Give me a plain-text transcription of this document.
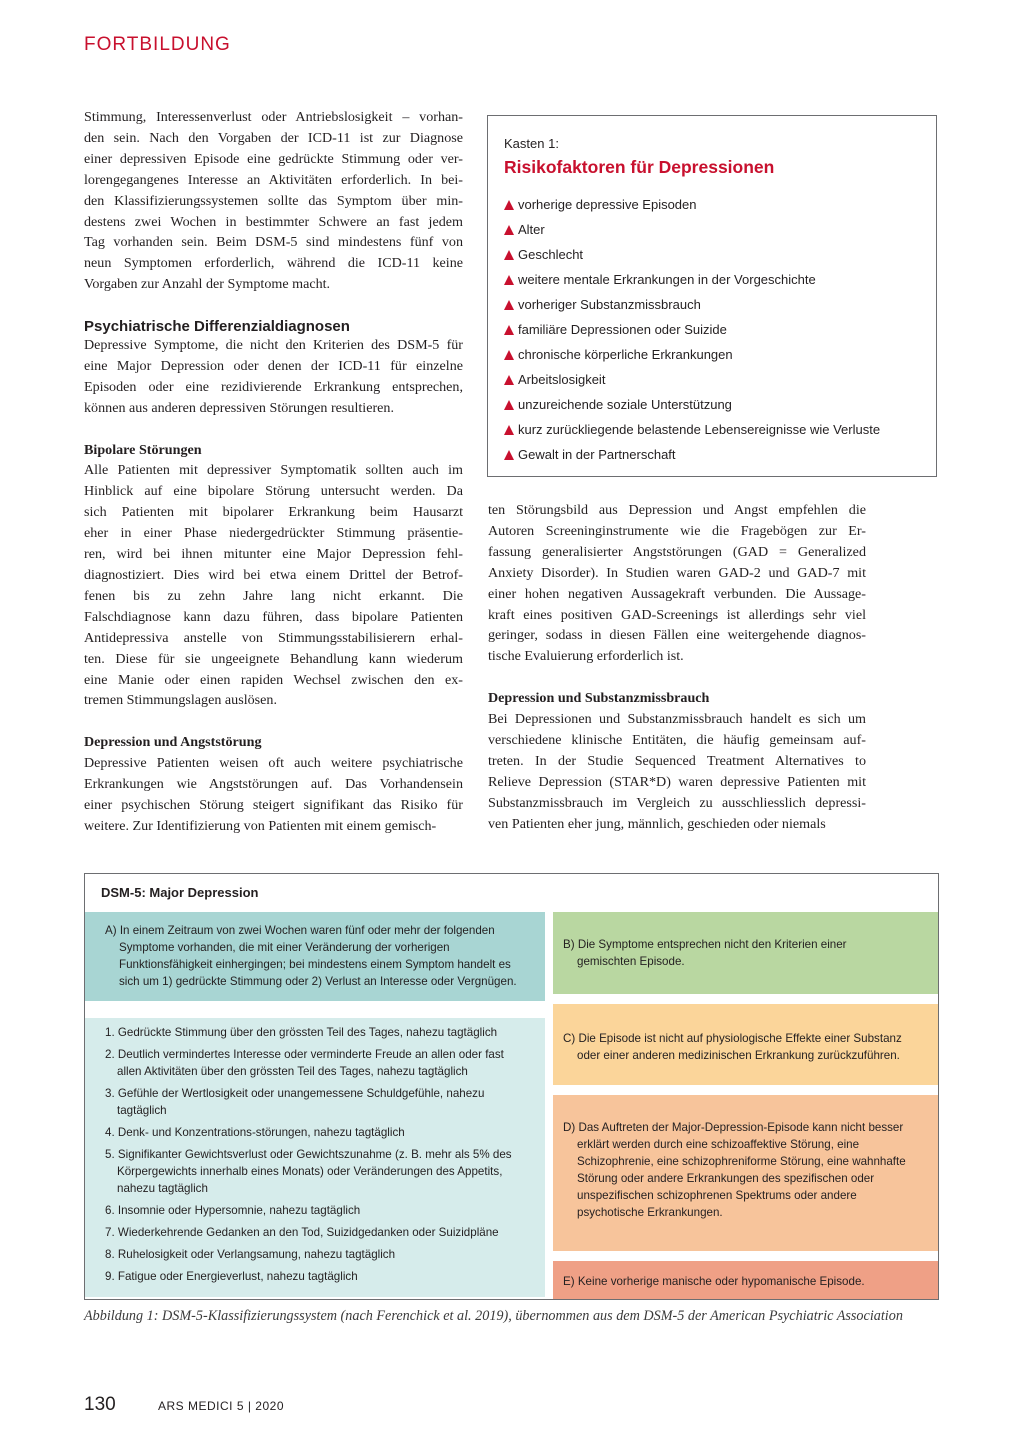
FORTBILDUNG
Stimmung, Interessenverlust oder Antriebslosigkeit – vorhan-
den sein. Nach den Vorgaben der ICD-11 ist zur Diagnose
einer depressiven Episode eine gedrückte Stimmung oder ver-
lorengegangenes Interesse an Aktivitäten erforderlich. In bei-
den Klassifizierungssystemen sollte das Symptom über min-
destens zwei Wochen in bestimmter Schwere an fast jedem
Tag vorhanden sein. Beim DSM-5 sind mindestens fünf von
neun Symptomen erforderlich, während die ICD-11 keine
Vorgaben zur Anzahl der Symptome macht.
Psychiatrische Differenzialdiagnosen
Depressive Symptome, die nicht den Kriterien des DSM-5 für
eine Major Depression oder denen der ICD-11 für einzelne
Episoden oder eine rezidivierende Erkrankung entsprechen,
können aus anderen depressiven Störungen resultieren.
Bipolare Störungen
Alle Patienten mit depressiver Symptomatik sollten auch im
Hinblick auf eine bipolare Störung untersucht werden. Da
sich Patienten mit bipolarer Erkrankung beim Hausarzt
eher in einer Phase niedergedrückter Stimmung präsentie-
ren, wird bei ihnen mitunter eine Major Depression fehl-
diagnostiziert. Dies wird bei etwa einem Drittel der Betrof-
fenen bis zu zehn Jahre lang nicht erkannt. Die
Falschdiagnose kann dazu führen, dass bipolare Patienten
Antidepressiva anstelle von Stimmungsstabilisierern erhal-
ten. Diese für sie ungeeignete Behandlung kann wiederum
eine Manie oder einen rapiden Wechsel zwischen den ex-
tremen Stimmungslagen auslösen.
Depression und Angststörung
Depressive Patienten weisen oft auch weitere psychiatrische
Erkrankungen wie Angststörungen auf. Das Vorhandensein
einer psychischen Störung steigert signifikant das Risiko für
weitere. Zur Identifizierung von Patienten mit einem gemisch-
Kasten 1:
Risikofaktoren für Depressionen
vorherige depressive Episoden
Alter
Geschlecht
weitere mentale Erkrankungen in der Vorgeschichte
vorheriger Substanzmissbrauch
familiäre Depressionen oder Suizide
chronische körperliche Erkrankungen
Arbeitslosigkeit
unzureichende soziale Unterstützung
kurz zurückliegende belastende Lebensereignisse wie Verluste
Gewalt in der Partnerschaft
ten Störungsbild aus Depression und Angst empfehlen die
Autoren Screeninginstrumente wie die Fragebögen zur Er-
fassung generalisierter Angststörungen (GAD = Generalized
Anxiety Disorder). In Studien waren GAD-2 und GAD-7 mit
einer hohen negativen Aussagekraft verbunden. Die Aussage-
kraft eines positiven GAD-Screenings ist allerdings sehr viel
geringer, sodass in diesen Fällen eine weitergehende diagnos-
tische Evaluierung erforderlich ist.
Depression und Substanzmissbrauch
Bei Depressionen und Substanzmissbrauch handelt es sich um
verschiedene klinische Entitäten, die häufig gemeinsam auf-
treten. In der Studie Sequenced Treatment Alternatives to
Relieve Depression (STAR*D) waren depressive Patienten mit
Substanzmissbrauch im Vergleich zu ausschliesslich depressi-
ven Patienten eher jung, männlich, geschieden oder niemals
DSM-5: Major Depression
A) In einem Zeitraum von zwei Wochen waren fünf oder mehr der folgenden Symptome vorhanden, die mit einer Veränderung der vorherigen Funktionsfähigkeit einhergingen; bei mindestens einem Symptom handelt es sich um 1) gedrückte Stimmung oder 2) Verlust an Interesse oder Vergnügen.
1. Gedrückte Stimmung über den grössten Teil des Tages, nahezu tagtäglich
2. Deutlich vermindertes Interesse oder verminderte Freude an allen oder fast allen Aktivitäten über den grössten Teil des Tages, nahezu tagtäglich
3. Gefühle der Wertlosigkeit oder unangemessene Schuldgefühle, nahezu tagtäglich
4. Denk- und Konzentrations-störungen, nahezu tagtäglich
5. Signifikanter Gewichtsverlust oder Gewichtszunahme (z. B. mehr als 5% des Körpergewichts innerhalb eines Monats) oder Veränderungen des Appetits, nahezu tagtäglich
6. Insomnie oder Hypersomnie, nahezu tagtäglich
7. Wiederkehrende Gedanken an den Tod, Suizidgedanken oder Suizidpläne
8. Ruhelosigkeit oder Verlangsamung, nahezu tagtäglich
9. Fatigue oder Energieverlust, nahezu tagtäglich
B) Die Symptome entsprechen nicht den Kriterien einer gemischten Episode.
C) Die Episode ist nicht auf physiologische Effekte einer Substanz oder einer anderen medizinischen Erkrankung zurückzuführen.
D) Das Auftreten der Major-Depression-Episode kann nicht besser erklärt werden durch eine schizoaffektive Störung, eine Schizophrenie, eine schizophreniforme Störung, eine wahnhafte Störung oder andere Erkrankungen des spezifischen oder unspezifischen schizophrenen Spektrums oder andere psychotische Erkrankungen.
E) Keine vorherige manische oder hypomanische Episode.
Abbildung 1: DSM-5-Klassifizierungssystem (nach Ferenchick et al. 2019), übernommen aus dem DSM-5 der American Psychiatric Association
130	ARS MEDICI 5 | 2020
